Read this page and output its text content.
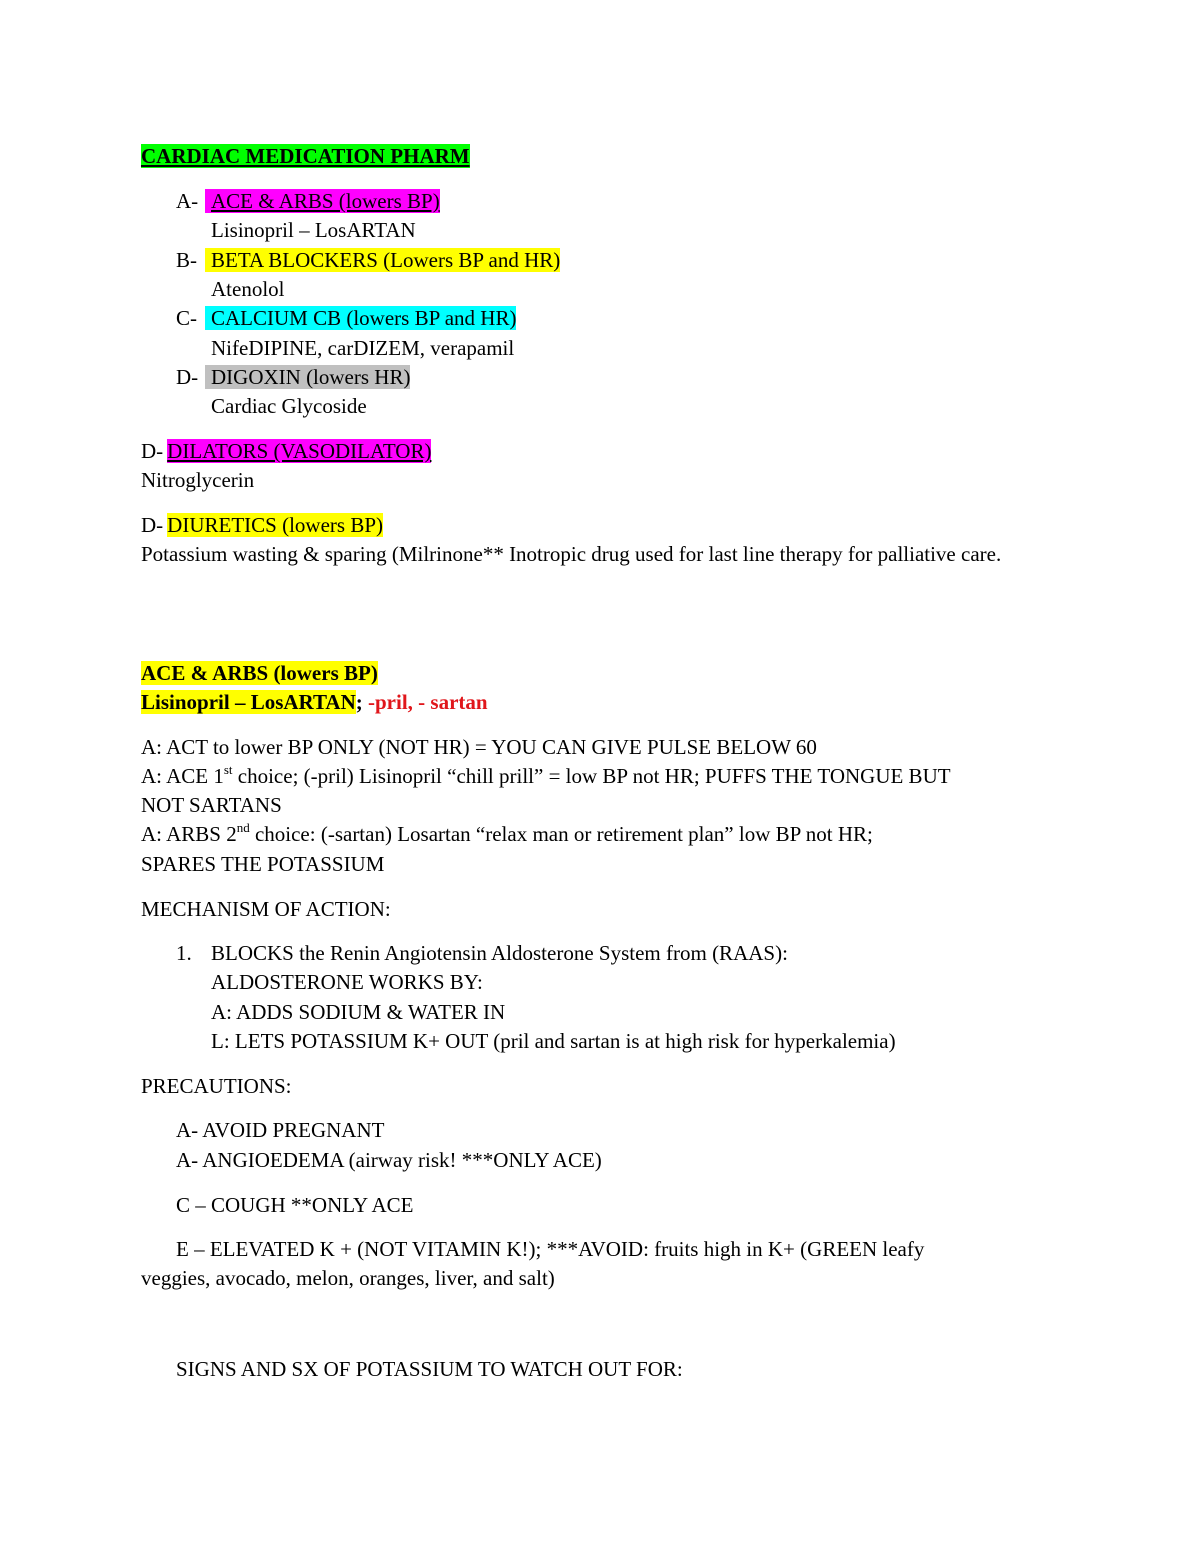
CARDIAC MEDICATION PHARM
A- ACE & ARBS (lowers BP)
Lisinopril – LosARTAN
B- BETA BLOCKERS (Lowers BP and HR)
Atenolol
C- CALCIUM CB (lowers BP and HR)
NifeDIPINE, carDIZEM, verapamil
D- DIGOXIN (lowers HR)
Cardiac Glycoside
D- DILATORS (VASODILATOR)
Nitroglycerin
D- DIURETICS (lowers BP)
Potassium wasting & sparing (Milrinone** Inotropic drug used for last line therapy for palliative care.
ACE & ARBS (lowers BP)
Lisinopril – LosARTAN; -pril, - sartan
A: ACT to lower BP ONLY (NOT HR) = YOU CAN GIVE PULSE BELOW 60
A: ACE 1st choice; (-pril) Lisinopril “chill prill” = low BP not HR; PUFFS THE TONGUE BUT
NOT SARTANS
A: ARBS 2nd choice: (-sartan) Losartan “relax man or retirement plan” low BP not HR;
SPARES THE POTASSIUM
MECHANISM OF ACTION:
1. BLOCKS the Renin Angiotensin Aldosterone System from (RAAS):
ALDOSTERONE WORKS BY:
A: ADDS SODIUM & WATER IN
L: LETS POTASSIUM K+ OUT (pril and sartan is at high risk for hyperkalemia)
PRECAUTIONS:
A- AVOID PREGNANT
A- ANGIOEDEMA (airway risk! ***ONLY ACE)
C – COUGH **ONLY ACE
E – ELEVATED K + (NOT VITAMIN K!); ***AVOID: fruits high in K+ (GREEN leafy
veggies, avocado, melon, oranges, liver, and salt)
SIGNS AND SX OF POTASSIUM TO WATCH OUT FOR:
